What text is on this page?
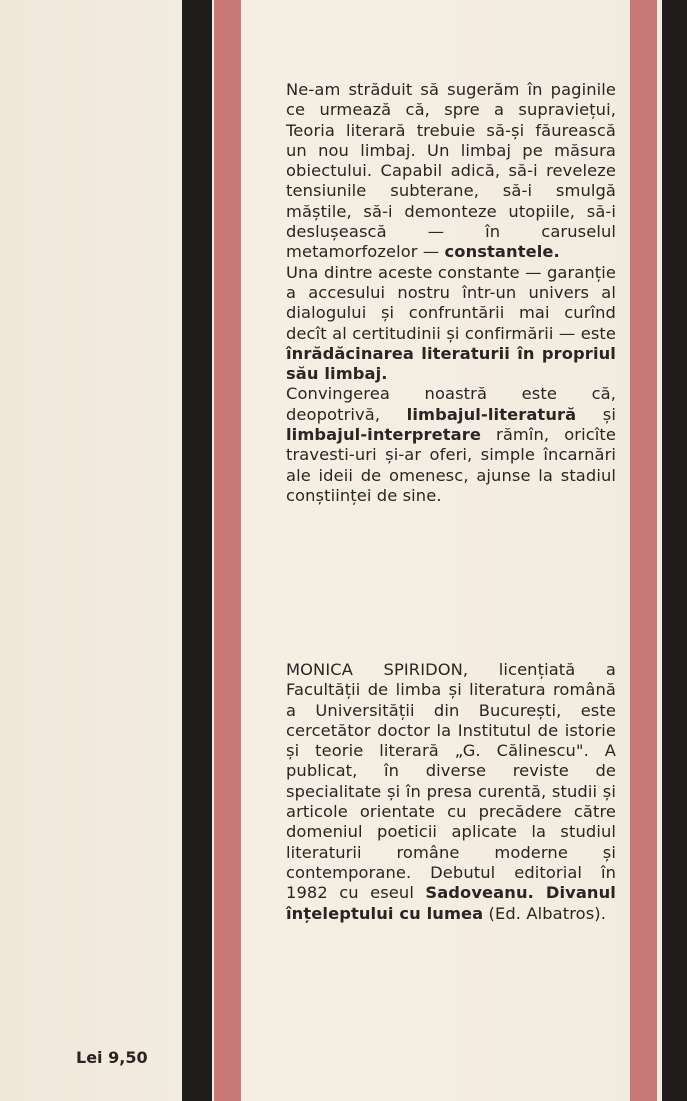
Ne-am străduit să sugerăm în paginile ce urmează că, spre a supraviețui, Teoria literară trebuie să-și făurească un nou limbaj. Un limbaj pe măsura obiectului. Capabil adică, să-i reveleze tensiunile subterane, să-i smulgă măștile, să-i demonteze utopiile, să-i deslușească — în caruselul metamorfozelor — constantele.

Una dintre aceste constante — garanție a accesului nostru într-un univers al dialogului și confruntării mai curînd decît al certitudinii și confirmării — este înrădăcinarea literaturii în propriul său limbaj.

Convingerea noastră este că, deopotrivă, limbajul-literatură și limbajul-interpretare rămîn, oricîte travesti-uri și-ar oferi, simple încarnări ale ideii de omenesc, ajunse la stadiul conștiinței de sine.

MONICA SPIRIDON, licențiată a Facultății de limba și literatura română a Universității din București, este cercetător doctor la Institutul de istorie și teorie literară „G. Călinescu". A publicat, în diverse reviste de specialitate și în presa curentă, studii și articole orientate cu precădere către domeniul poeticii aplicate la studiul literaturii române moderne și contemporane. Debutul editorial în 1982 cu eseul Sadoveanu. Divanul înțeleptului cu lumea (Ed. Albatros).

Lei 9,50
